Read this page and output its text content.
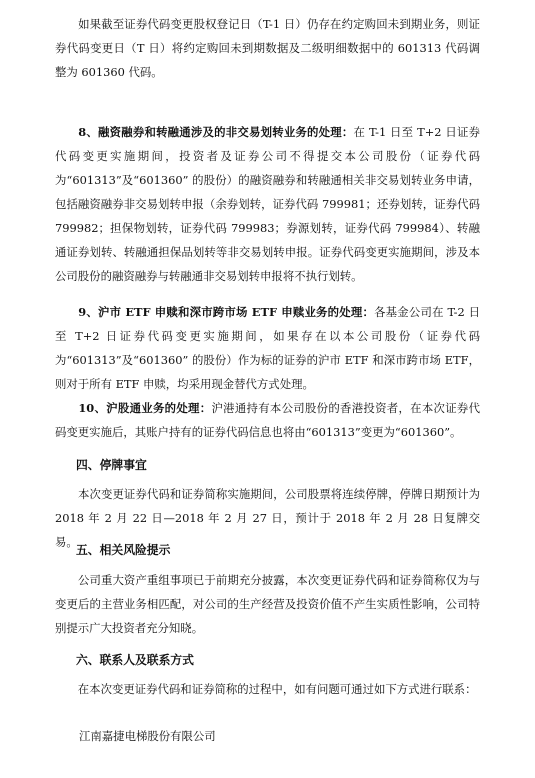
　　如果截至证券代码变更股权登记日（T-1 日）仍存在约定购回未到期业务，则证券代码变更日（T 日）将约定购回未到期数据及二级明细数据中的 601313 代码调整为 601360 代码。

　　8、融资融券和转融通涉及的非交易划转业务的处理：在 T-1 日至 T+2 日证券代码变更实施期间，投资者及证券公司不得提交本公司股份（证券代码为“601313”及“601360” 的股份）的融资融券和转融通相关非交易划转业务申请，包括融资融券非交易划转申报（余券划转，证券代码 799981；还券划转，证券代码 799982；担保物划转，证券代码 799983；券源划转，证券代码 799984）、转融通证券划转、转融通担保品划转等非交易划转申报。证券代码变更实施期间，涉及本公司股份的融资融券与转融通非交易划转申报将不执行划转。

　　9、沪市 ETF 申赎和深市跨市场 ETF 申赎业务的处理：各基金公司在 T-2 日至 T+2 日证券代码变更实施期间，如果存在以本公司股份（证券代码为“601313”及“601360” 的股份）作为标的证券的沪市 ETF 和深市跨市场 ETF，则对于所有 ETF 申赎，均采用现金替代方式处理。

　　10、沪股通业务的处理：沪港通持有本公司股份的香港投资者，在本次证券代码变更实施后，其账户持有的证券代码信息也将由“601313”变更为“601360”。

四、停牌事宜

　　本次变更证券代码和证券简称实施期间，公司股票将连续停牌，停牌日期预计为 2018 年 2 月 22 日—2018 年 2 月 27 日，预计于 2018 年 2 月 28 日复牌交易。

五、相关风险提示

　　公司重大资产重组事项已于前期充分披露，本次变更证券代码和证券简称仅为与变更后的主营业务相匹配，对公司的生产经营及投资价值不产生实质性影响，公司特别提示广大投资者充分知晓。

六、联系人及联系方式

　　在本次变更证券代码和证券简称的过程中，如有问题可通过如下方式进行联系：

江南嘉捷电梯股份有限公司
